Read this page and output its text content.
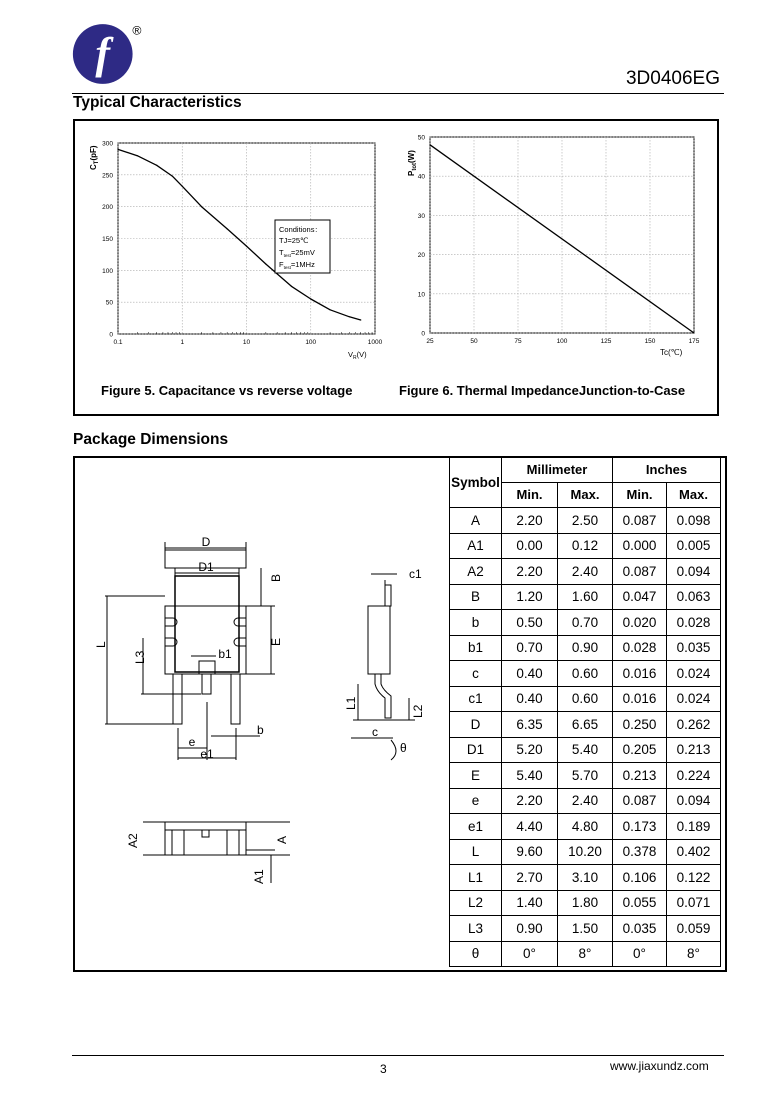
f	®
3D0406EG
Typical Characteristics
0.1	1	10	100	1000
0
50
100
150
200
250
300
$C_T(pF)$
$V_R(V)$
Conditions：
TJ=25℃
$T_{test}=25mV$
$F_{test}=1MHz$
25	50	75	100	125	150	175
0
10
20
30
40
50
$P_{tot}(W)$
Tc(℃)
Figure 5. Capacitance vs reverse voltage	Figure 6. Thermal ImpedanceJunction-to-Case
Package Dimensions
D
D1
L
L3	b1
b
e
e1
B
E
c1
L1
L2
c
θ
A2	A
A1
Symbol	Millimeter		Inches	
	Min.	Max.	Min.	Max.
A	2.20	2.50	0.087	0.098
A1	0.00	0.12	0.000	0.005
A2	2.20	2.40	0.087	0.094
B	1.20	1.60	0.047	0.063
b	0.50	0.70	0.020	0.028
b1	0.70	0.90	0.028	0.035
c	0.40	0.60	0.016	0.024
c1	0.40	0.60	0.016	0.024
D	6.35	6.65	0.250	0.262
D1	5.20	5.40	0.205	0.213
E	5.40	5.70	0.213	0.224
e	2.20	2.40	0.087	0.094
e1	4.40	4.80	0.173	0.189
L	9.60	10.20	0.378	0.402
L1	2.70	3.10	0.106	0.122
L2	1.40	1.80	0.055	0.071
L3	0.90	1.50	0.035	0.059
θ	0°	8°	0°	8°
3	www.jiaxundz.com
